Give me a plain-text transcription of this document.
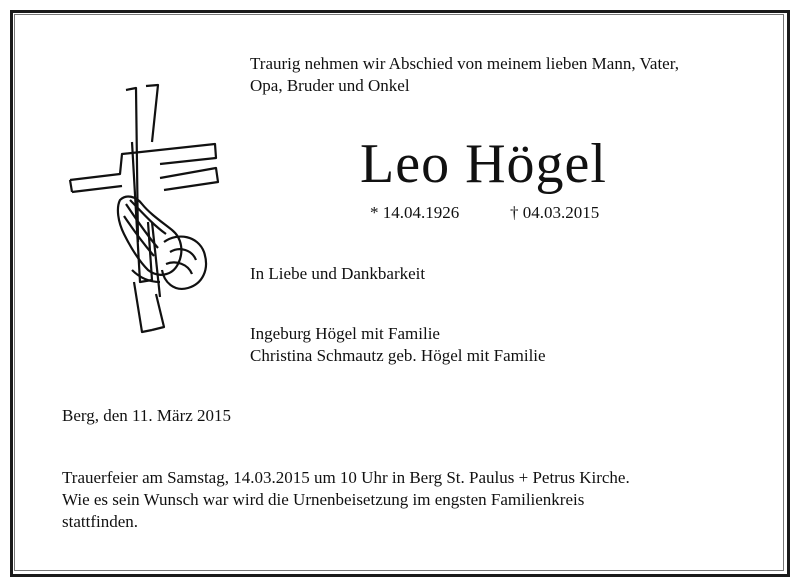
Traurig nehmen wir Abschied von meinem lieben Mann, Vater,
Opa, Bruder und Onkel
Leo Högel
* 14.04.1926	† 04.03.2015
In Liebe und Dankbarkeit
Ingeburg Högel mit Familie
Christina Schmautz geb. Högel mit Familie
Berg, den 11. März 2015
Trauerfeier am Samstag, 14.03.2015 um 10 Uhr in Berg St. Paulus + Petrus Kirche.
Wie es sein Wunsch war wird die Urnenbeisetzung im engsten Familienkreis
stattfinden.
